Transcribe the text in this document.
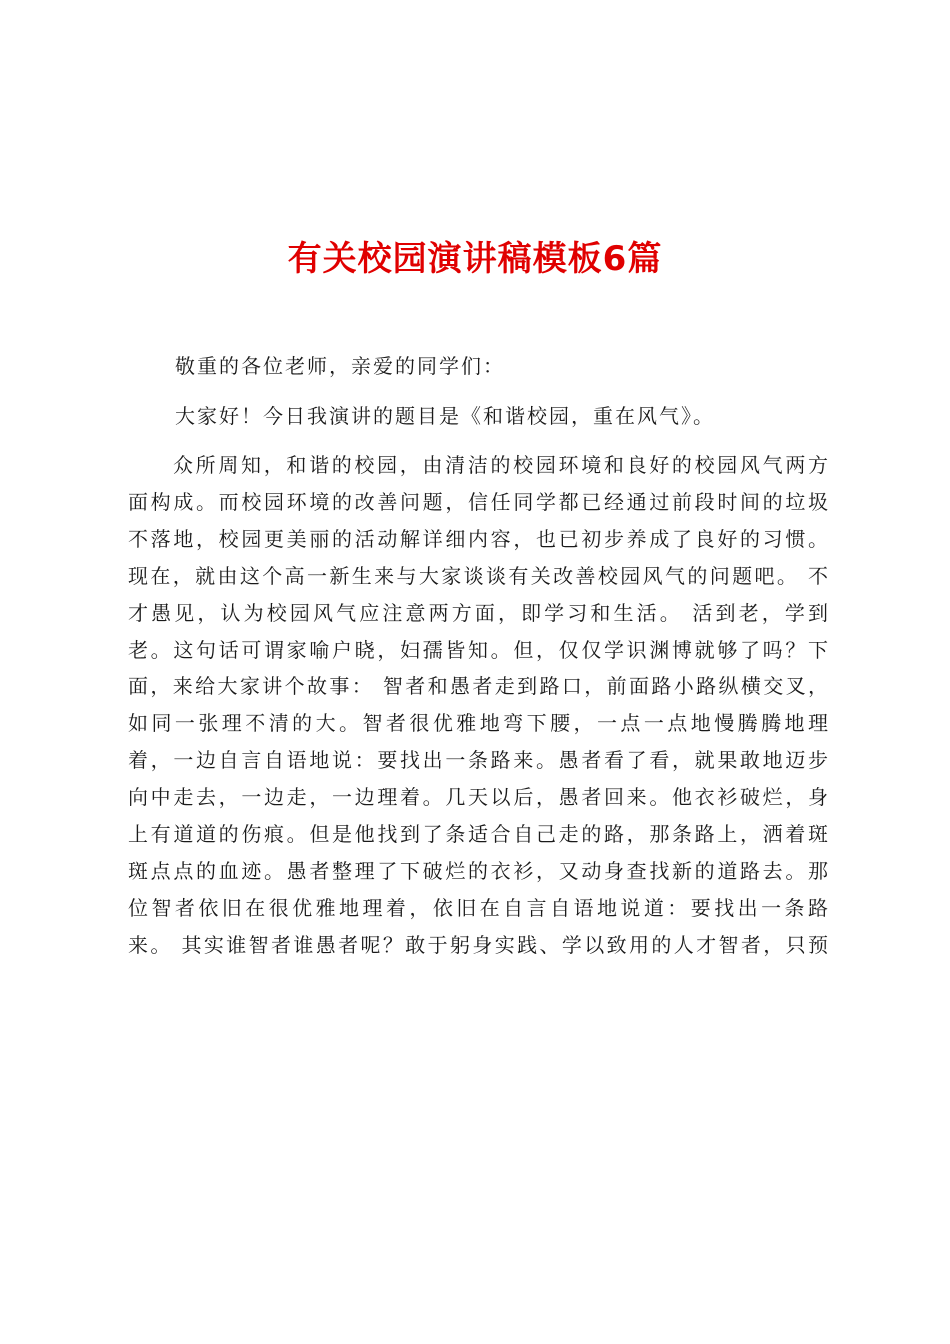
有关校园演讲稿模板6篇

敬重的各位老师，亲爱的同学们：

大家好！今日我演讲的题目是《和谐校园，重在风气》。

众所周知，和谐的校园，由清洁的校园环境和良好的校园风气两方面构成。而校园环境的改善问题，信任同学都已经通过前段时间的垃圾不落地，校园更美丽的活动解详细内容，也已初步养成了良好的习惯。现在，就由这个高一新生来与大家谈谈有关改善校园风气的问题吧。 不才愚见，认为校园风气应注意两方面，即学习和生活。 活到老，学到老。这句话可谓家喻户晓，妇孺皆知。但，仅仅学识渊博就够了吗？下面，来给大家讲个故事： 智者和愚者走到路口，前面路小路纵横交叉，如同一张理不清的大。智者很优雅地弯下腰，一点一点地慢腾腾地理着，一边自言自语地说：要找出一条路来。愚者看了看，就果敢地迈步向中走去，一边走，一边理着。几天以后，愚者回来。他衣衫破烂，身上有道道的伤痕。但是他找到了条适合自己走的路，那条路上，洒着斑斑点点的血迹。愚者整理了下破烂的衣衫，又动身查找新的道路去。那位智者依旧在很优雅地理着，依旧在自言自语地说道：要找出一条路来。 其实谁智者谁愚者呢？敢于躬身实践、学以致用的人才智者，只预
